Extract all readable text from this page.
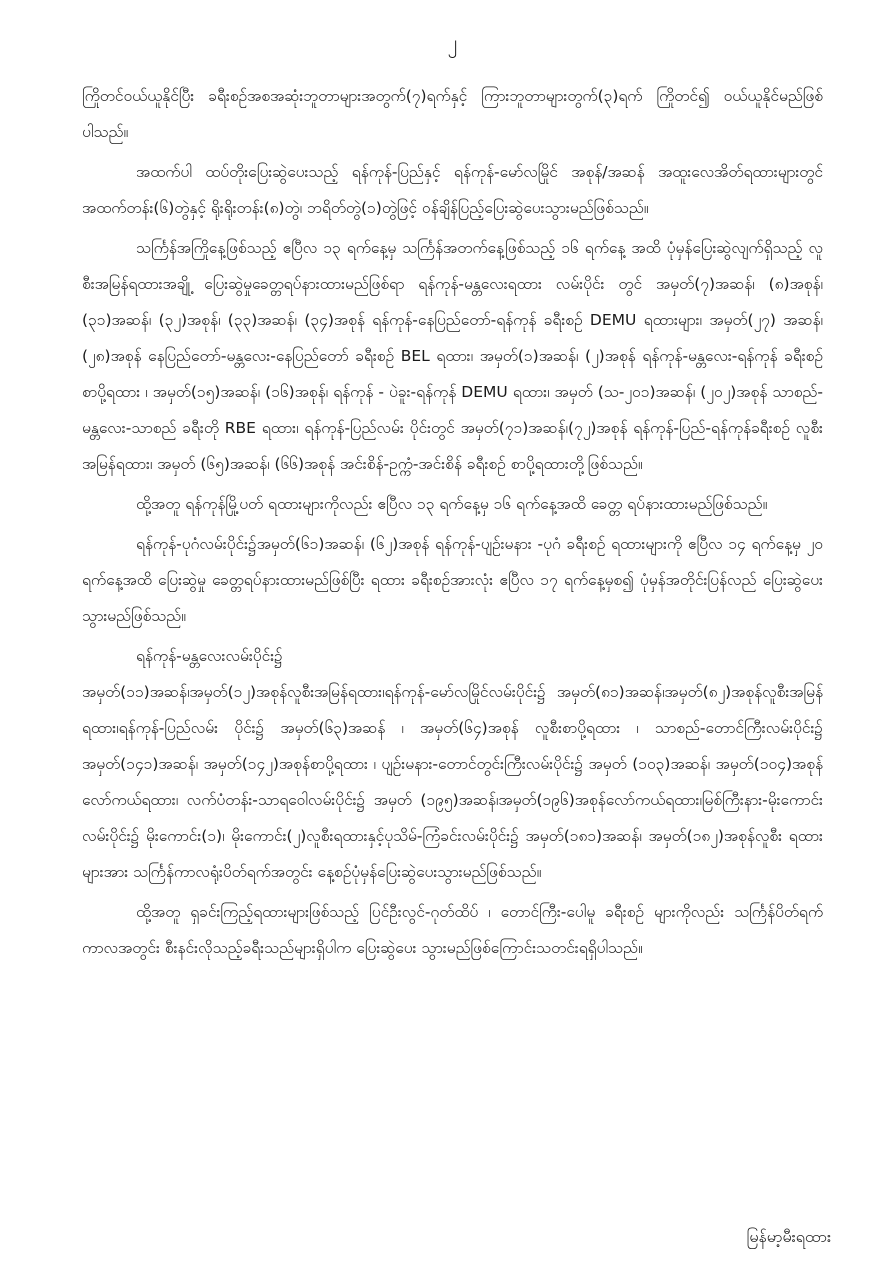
၂

ကြိုတင်ဝယ်ယူနိုင်ပြီး ခရီးစဉ်အစအဆုံးဘူတာများအတွက်(၇)ရက်နှင့် ကြားဘူတာများတွက်(၃)ရက် ကြိုတင်၍ ဝယ်ယူနိုင်မည်ဖြစ်ပါသည်။

အထက်ပါ ထပ်တိုးပြေးဆွဲပေးသည့် ရန်ကုန်-ပြည်နှင့် ရန်ကုန်-မော်လမြိုင် အစုန်/အဆန် အထူးလေအိတ်ရထားများတွင် အထက်တန်း(၆)တွဲနှင့် ရိုးရိုးတန်း(၈)တွဲ၊ ဘရိတ်တွဲ(၁)တွဲဖြင့် ဝန်ချိန်ပြည့်ပြေးဆွဲပေးသွားမည်ဖြစ်သည်။

သင်္ကြန်အကြိုနေ့ဖြစ်သည့် ဧပြီလ ၁၃ ရက်နေ့မှ သင်္ကြန်အတက်နေ့ဖြစ်သည့် ၁၆ ရက်နေ့ အထိ ပုံမှန်ပြေးဆွဲလျက်ရှိသည့် လူစီးအမြန်ရထားအချို့ ပြေးဆွဲမှုခေတ္တရပ်နားထားမည်ဖြစ်ရာ ရန်ကုန်-မန္တလေးရထား လမ်းပိုင်း တွင် အမှတ်(၇)အဆန်၊ (၈)အစုန်၊ (၃၁)အဆန်၊ (၃၂)အစုန်၊ (၃၃)အဆန်၊ (၃၄)အစုန် ရန်ကုန်-နေပြည်တော်-ရန်ကုန် ခရီးစဉ် DEMU ရထားများ၊ အမှတ်(၂၇) အဆန်၊ (၂၈)အစုန် နေပြည်တော်-မန္တလေး-နေပြည်တော် ခရီးစဉ် BEL ရထား၊ အမှတ်(၁)အဆန်၊ (၂)အစုန် ရန်ကုန်-မန္တလေး-ရန်ကုန် ခရီးစဉ် စာပို့ရထား ၊ အမှတ်(၁၅)အဆန်၊ (၁၆)အစုန်၊ ရန်ကုန် - ပဲခူး-ရန်ကုန် DEMU ရထား၊ အမှတ် (သ-၂၀၁)အဆန်၊ (၂၀၂)အစုန် သာစည်-မန္တလေး-သာစည် ခရီးတို RBE ရထား၊ ရန်ကုန်-ပြည်လမ်း ပိုင်းတွင် အမှတ်(၇၁)အဆန်၊(၇၂)အစုန် ရန်ကုန်-ပြည်-ရန်ကုန်ခရီးစဉ် လူစီးအမြန်ရထား၊ အမှတ် (၆၅)အဆန်၊ (၆၆)အစုန် အင်းစိန်-ဥက္ကံ-အင်းစိန် ခရီးစဉ် စာပို့ရထားတို့ဖြစ်သည်။

ထို့အတူ ရန်ကုန်မြို့ပတ် ရထားများကိုလည်း ဧပြီလ ၁၃ ရက်နေ့မှ ၁၆ ရက်နေ့အထိ ခေတ္တ ရပ်နားထားမည်ဖြစ်သည်။

ရန်ကုန်-ပုဂံလမ်းပိုင်း၌အမှတ်(၆၁)အဆန်၊ (၆၂)အစုန် ရန်ကုန်-ပျဉ်းမနား -ပုဂံ ခရီးစဉ် ရထားများကို ဧပြီလ ၁၄ ရက်နေ့မှ ၂၀ ရက်နေ့အထိ ပြေးဆွဲမှု ခေတ္တရပ်နားထားမည်ဖြစ်ပြီး ရထား ခရီးစဉ်အားလုံး ဧပြီလ ၁၇ ရက်နေ့မှစ၍ ပုံမှန်အတိုင်းပြန်လည် ပြေးဆွဲပေးသွားမည်ဖြစ်သည်။

ရန်ကုန်-မန္တလေးလမ်းပိုင်း၌

အမှတ်(၁၁)အဆန်၊အမှတ်(၁၂)အစုန်လူစီးအမြန်ရထား၊ရန်ကုန်-မော်လမြိုင်လမ်းပိုင်း၌ အမှတ်(၈၁)အဆန်၊အမှတ်(၈၂)အစုန်လူစီးအမြန်ရထား၊ရန်ကုန်-ပြည်လမ်း ပိုင်း၌ အမှတ်(၆၃)အဆန် ၊ အမှတ်(၆၄)အစုန် လူစီးစာပို့ရထား ၊ သာစည်-တောင်ကြီးလမ်းပိုင်း၌ အမှတ်(၁၄၁)အဆန်၊ အမှတ်(၁၄၂)အစုန်စာပို့ရထား ၊ ပျဉ်းမနား-တောင်တွင်းကြီးလမ်းပိုင်း၌ အမှတ် (၁၀၃)အဆန်၊ အမှတ်(၁၀၄)အစုန်လော်ကယ်ရထား၊ လက်ပံတန်း-သာရဝေါလမ်းပိုင်း၌ အမှတ် (၁၉၅)အဆန်၊အမှတ်(၁၉၆)အစုန်လော်ကယ်ရထား၊မြစ်ကြီးနား-မိုးကောင်းလမ်းပိုင်း၌ မိုးကောင်း(၁)၊ မိုးကောင်း(၂)လူစီးရထားနှင့်ပုသိမ်-ကြံခင်းလမ်းပိုင်း၌ အမှတ်(၁၈၁)အဆန်၊ အမှတ်(၁၈၂)အစုန်လူစီး ရထားများအား သင်္ကြန်ကာလရုံးပိတ်ရက်အတွင်း နေ့စဉ်ပုံမှန်ပြေးဆွဲပေးသွားမည်ဖြစ်သည်။

ထို့အတူ ရှခင်းကြည့်ရထားများဖြစ်သည့် ပြင်ဦးလွင်-ဂုတ်ထိပ် ၊ တောင်ကြီး-ပေါမူ ခရီးစဉ် များကိုလည်း သင်္ကြန်ပိတ်ရက်ကာလအတွင်း စီးနင်းလိုသည့်ခရီးသည်များရှိပါက ပြေးဆွဲပေး သွားမည်ဖြစ်ကြောင်းသတင်းရရှိပါသည်။

မြန်မာ့မီးရထား
